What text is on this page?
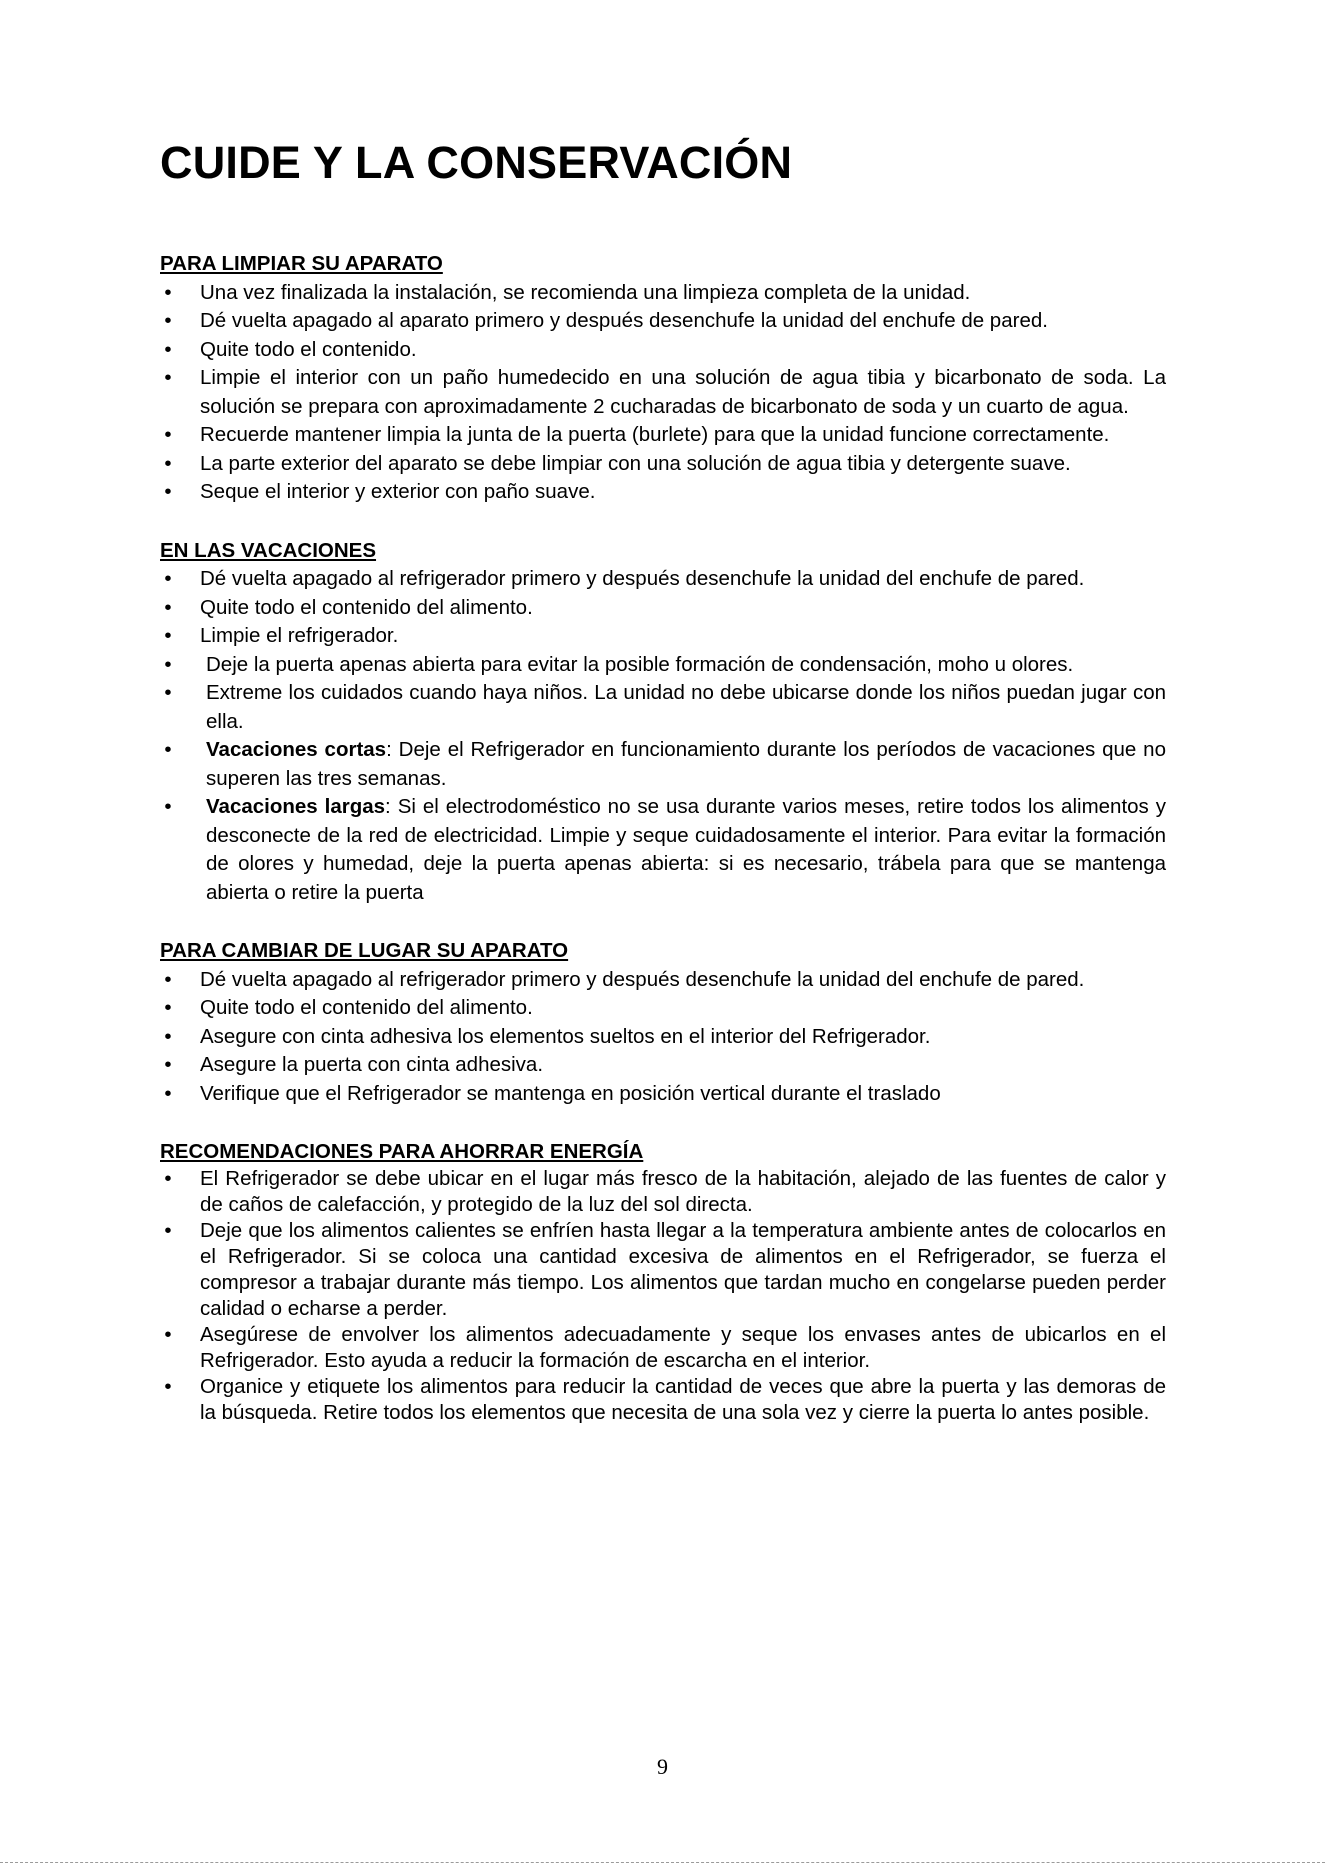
CUIDE Y LA CONSERVACIÓN
PARA LIMPIAR SU APARATO
• Una vez finalizada la instalación, se recomienda una limpieza completa de la unidad.
• Dé vuelta apagado al aparato primero y después desenchufe la unidad del enchufe de pared.
• Quite todo el contenido.
• Limpie el interior con un paño humedecido en una solución de agua tibia y bicarbonato de soda. La solución se prepara con aproximadamente 2 cucharadas de bicarbonato de soda y un cuarto de agua.
• Recuerde mantener limpia la junta de la puerta (burlete) para que la unidad funcione correctamente.
• La parte exterior del aparato se debe limpiar con una solución de agua tibia y detergente suave.
• Seque el interior y exterior con paño suave.
EN LAS VACACIONES
• Dé vuelta apagado al refrigerador primero y después desenchufe la unidad del enchufe de pared.
• Quite todo el contenido del alimento.
• Limpie el refrigerador.
• Deje la puerta apenas abierta para evitar la posible formación de condensación, moho u olores.
• Extreme los cuidados cuando haya niños. La unidad no debe ubicarse donde los niños puedan jugar con ella.
• Vacaciones cortas: Deje el Refrigerador en funcionamiento durante los períodos de vacaciones que no superen las tres semanas.
• Vacaciones largas: Si el electrodoméstico no se usa durante varios meses, retire todos los alimentos y desconecte de la red de electricidad. Limpie y seque cuidadosamente el interior. Para evitar la formación de olores y humedad, deje la puerta apenas abierta: si es necesario, trábela para que se mantenga abierta o retire la puerta
PARA CAMBIAR DE LUGAR SU APARATO
• Dé vuelta apagado al refrigerador primero y después desenchufe la unidad del enchufe de pared.
• Quite todo el contenido del alimento.
• Asegure con cinta adhesiva los elementos sueltos en el interior del Refrigerador.
• Asegure la puerta con cinta adhesiva.
• Verifique que el Refrigerador se mantenga en posición vertical durante el traslado
RECOMENDACIONES PARA AHORRAR ENERGÍA
• El Refrigerador se debe ubicar en el lugar más fresco de la habitación, alejado de las fuentes de calor y de caños de calefacción, y protegido de la luz del sol directa.
• Deje que los alimentos calientes se enfríen hasta llegar a la temperatura ambiente antes de colocarlos en el Refrigerador. Si se coloca una cantidad excesiva de alimentos en el Refrigerador, se fuerza el compresor a trabajar durante más tiempo. Los alimentos que tardan mucho en congelarse pueden perder calidad o echarse a perder.
• Asegúrese de envolver los alimentos adecuadamente y seque los envases antes de ubicarlos en el Refrigerador. Esto ayuda a reducir la formación de escarcha en el interior.
• Organice y etiquete los alimentos para reducir la cantidad de veces que abre la puerta y las demoras de la búsqueda. Retire todos los elementos que necesita de una sola vez y cierre la puerta lo antes posible.
9
